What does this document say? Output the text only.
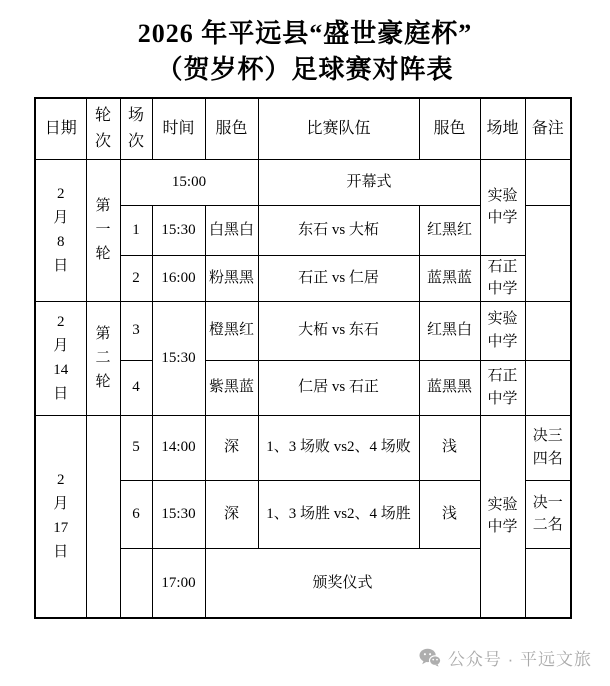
2026 年平远县“盛世豪庭杯”
（贺岁杯）足球赛对阵表
日期	轮次	场次	时间	服色	比赛队伍	服色	场地	备注
2月8日	第一轮	15:00			开幕式		实验中学	
		1	15:30	白黑白	东石 vs 大柘	红黑红		
		2	16:00	粉黑黑	石正 vs 仁居	蓝黑蓝	石正中学	
2月14日	第二轮	3	15:30	橙黑红	大柘 vs 东石	红黑白	实验中学	
		4		紫黑蓝	仁居 vs 石正	蓝黑黑	石正中学	
2月17日		5	14:00	深	1、3 场败 vs2、4 场败	浅	实验中学	决三四名
		6	15:30	深	1、3 场胜 vs2、4 场胜	浅		决一二名
			17:00	颁奖仪式				
公众号 · 平远文旅
